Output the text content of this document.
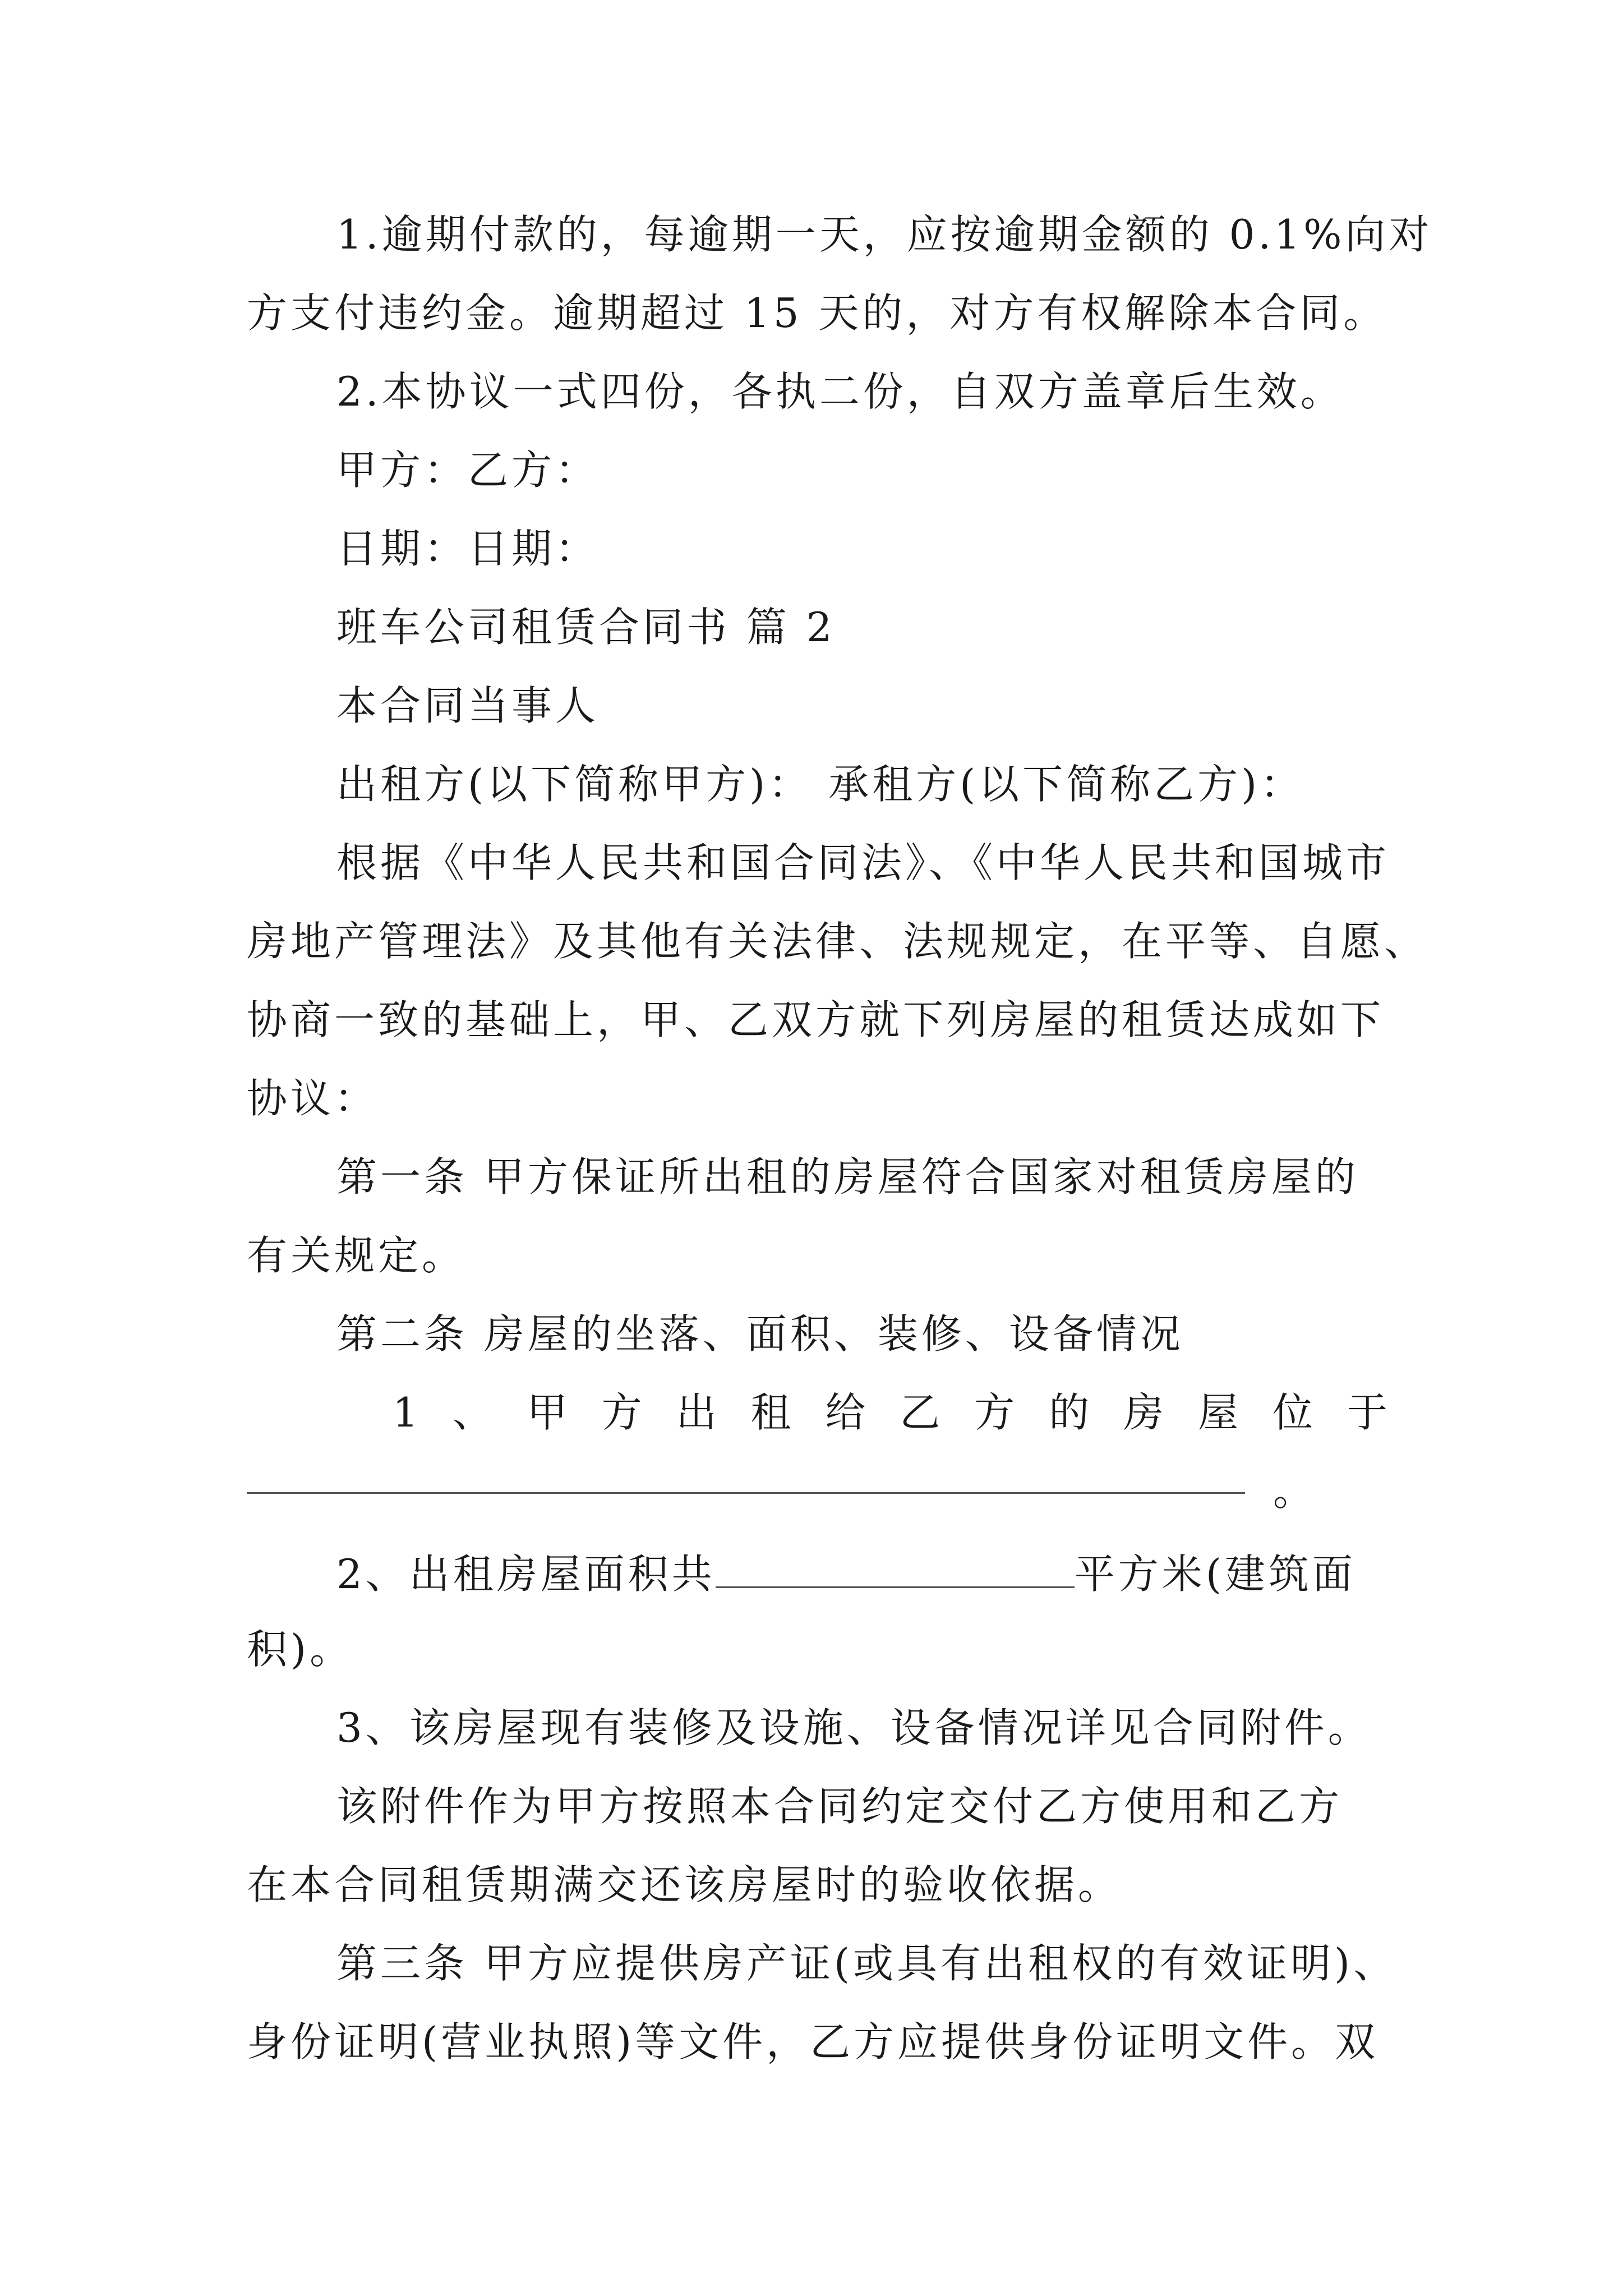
1.逾期付款的，每逾期一天，应按逾期金额的 0.1%向对
方支付违约金。逾期超过 15 天的，对方有权解除本合同。
2.本协议一式四份，各执二份，自双方盖章后生效。
甲方：乙方：
日期：日期：
班车公司租赁合同书 篇 2
本合同当事人
出租方(以下简称甲方)： 承租方(以下简称乙方)：
根据《中华人民共和国合同法》、《中华人民共和国城市
房地产管理法》及其他有关法律、法规规定，在平等、自愿、
协商一致的基础上，甲、乙双方就下列房屋的租赁达成如下
协议：
第一条 甲方保证所出租的房屋符合国家对租赁房屋的
有关规定。
第二条 房屋的坐落、面积、装修、设备情况
1 、 甲 方 出 租 给 乙 方 的 房 屋 位 于
。
2、出租房屋面积共	平方米(建筑面
积)。
3、该房屋现有装修及设施、设备情况详见合同附件。
该附件作为甲方按照本合同约定交付乙方使用和乙方
在本合同租赁期满交还该房屋时的验收依据。
第三条 甲方应提供房产证(或具有出租权的有效证明)、
身份证明(营业执照)等文件，乙方应提供身份证明文件。双
